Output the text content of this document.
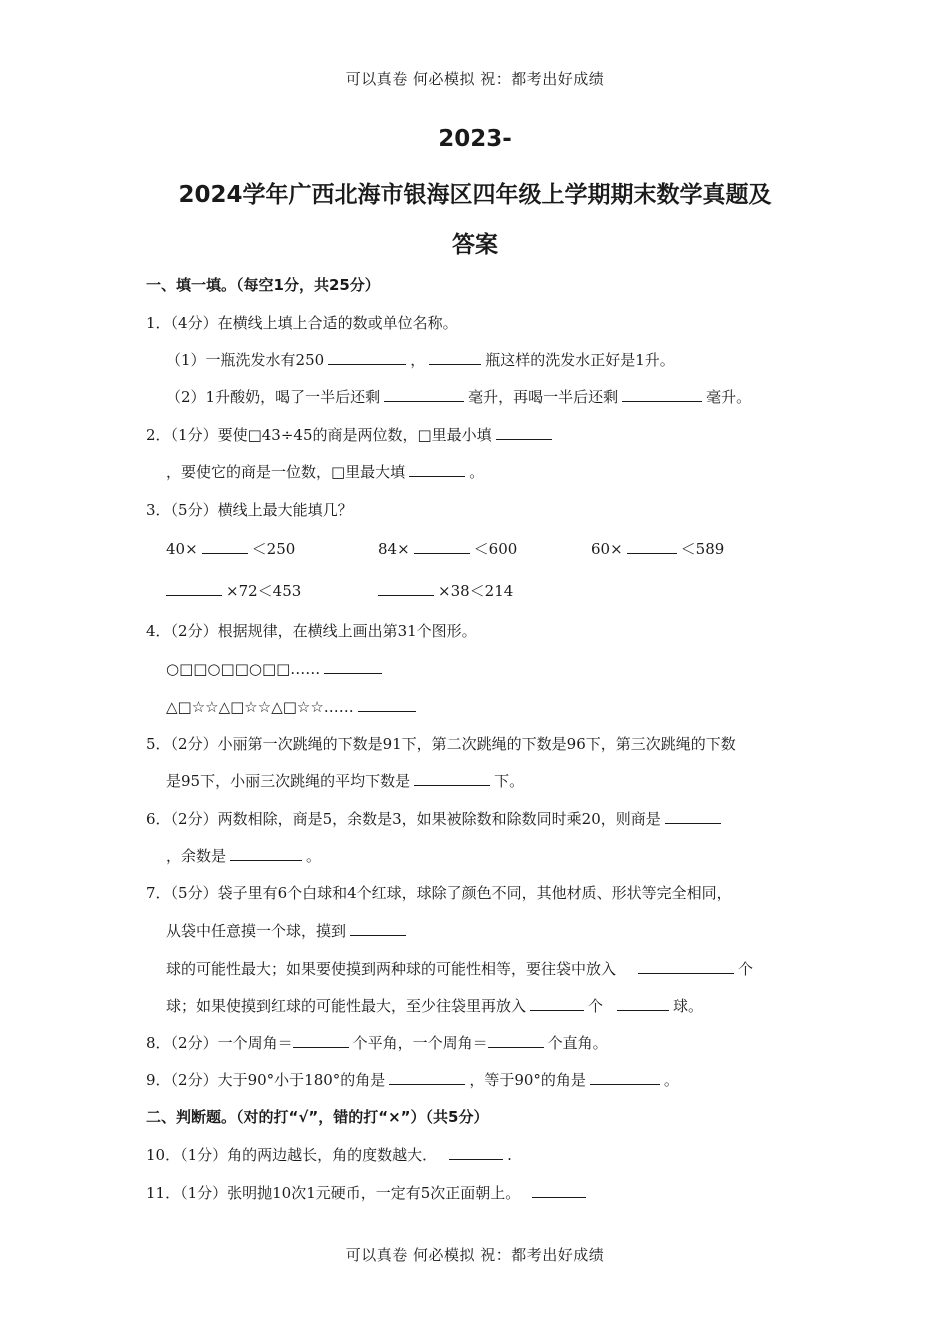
可以真卷 何必模拟 祝：都考出好成绩
2023-
2024学年广西北海市银海区四年级上学期期末数学真题及
答案
一、填一填。（每空1分，共25分）
1．（4分）在横线上填上合适的数或单位名称。
（1）一瓶洗发水有250	，	瓶这样的洗发水正好是1升。
（2）1升酸奶，喝了一半后还剩	毫升，再喝一半后还剩	毫升。
2．（1分）要使□43÷45的商是两位数，□里最小填
，要使它的商是一位数，□里最大填	。
3．（5分）横线上最大能填几？
40×	＜250	84×	＜600	60×	＜589
×72＜453	×38＜214
4．（2分）根据规律，在横线上画出第31个图形。
○□□○□□○□□……
△□☆☆△□☆☆△□☆☆……
5．（2分）小丽第一次跳绳的下数是91下，第二次跳绳的下数是96下，第三次跳绳的下数
是95下，小丽三次跳绳的平均下数是	下。
6．（2分）两数相除，商是5，余数是3，如果被除数和除数同时乘20，则商是
，余数是	。
7．（5分）袋子里有6个白球和4个红球，球除了颜色不同，其他材质、形状等完全相同，
从袋中任意摸一个球，摸到
球的可能性最大；如果要使摸到两种球的可能性相等，要往袋中放入	个
球；如果使摸到红球的可能性最大，至少往袋里再放入	个	球。
8．（2分）一个周角＝	个平角，一个周角＝	个直角。
9．（2分）大于90°小于180°的角是	，等于90°的角是	。
二、判断题。（对的打“√”，错的打“×”）（共5分）
10．（1分）角的两边越长，角的度数越大．	.
11．（1分）张明抛10次1元硬币，一定有5次正面朝上。
可以真卷 何必模拟 祝：都考出好成绩
